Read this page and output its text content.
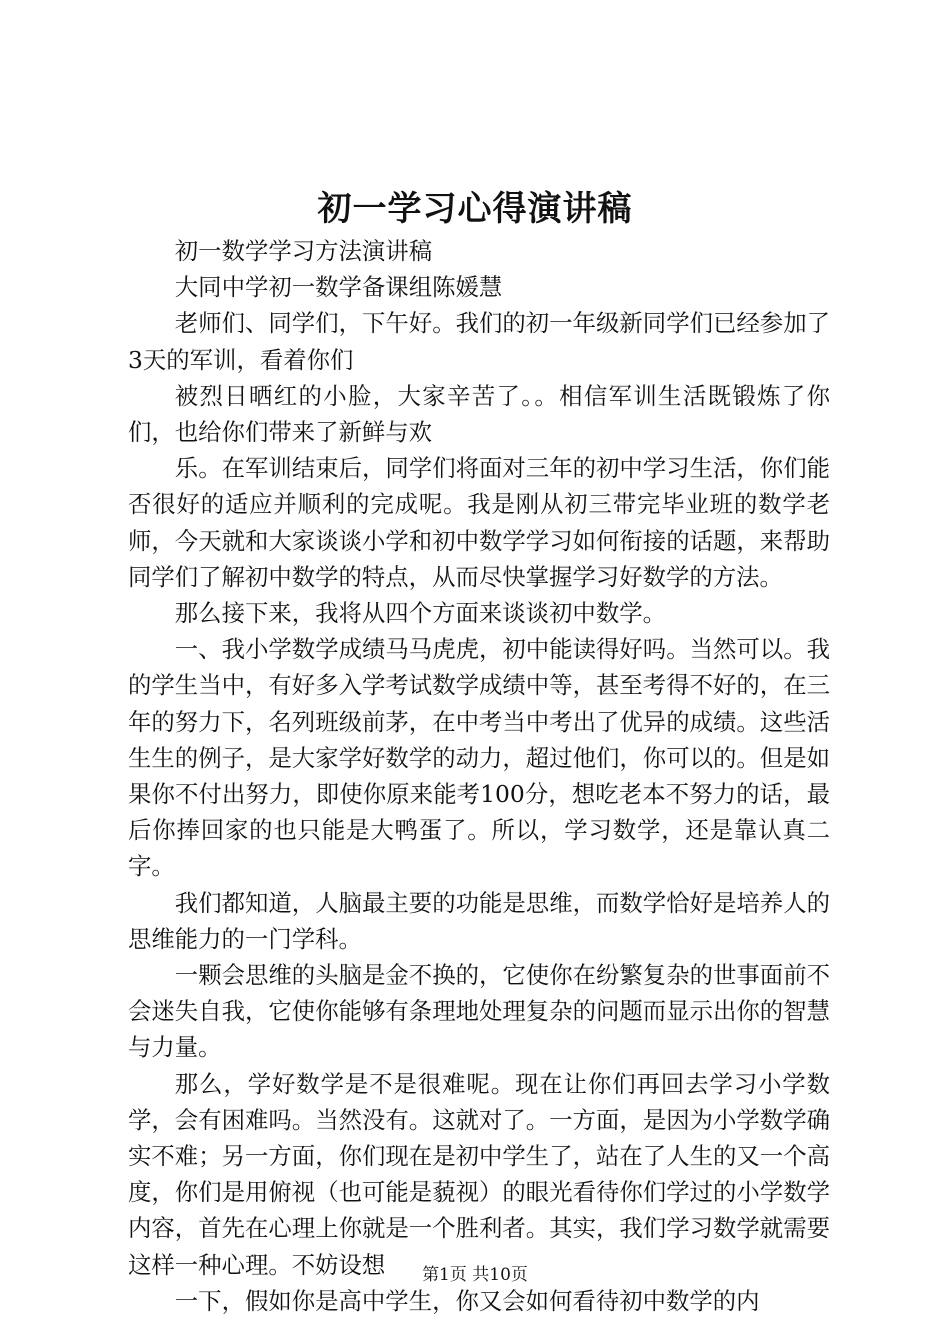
初一学习心得演讲稿

初一数学学习方法演讲稿

大同中学初一数学备课组陈媛慧

老师们、同学们，下午好。我们的初一年级新同学们已经参加了3天的军训，看着你们

被烈日晒红的小脸，大家辛苦了。。相信军训生活既锻炼了你们，也给你们带来了新鲜与欢

乐。在军训结束后，同学们将面对三年的初中学习生活，你们能否很好的适应并顺利的完成呢。我是刚从初三带完毕业班的数学老师，今天就和大家谈谈小学和初中数学学习如何衔接的话题，来帮助同学们了解初中数学的特点，从而尽快掌握学习好数学的方法。

那么接下来，我将从四个方面来谈谈初中数学。

一、我小学数学成绩马马虎虎，初中能读得好吗。当然可以。我的学生当中，有好多入学考试数学成绩中等，甚至考得不好的，在三年的努力下，名列班级前茅，在中考当中考出了优异的成绩。这些活生生的例子，是大家学好数学的动力，超过他们，你可以的。但是如果你不付出努力，即使你原来能考100分，想吃老本不努力的话，最后你捧回家的也只能是大鸭蛋了。所以，学习数学，还是靠认真二字。

我们都知道，人脑最主要的功能是思维，而数学恰好是培养人的思维能力的一门学科。

一颗会思维的头脑是金不换的，它使你在纷繁复杂的世事面前不会迷失自我，它使你能够有条理地处理复杂的问题而显示出你的智慧与力量。

那么，学好数学是不是很难呢。现在让你们再回去学习小学数学，会有困难吗。当然没有。这就对了。一方面，是因为小学数学确实不难；另一方面，你们现在是初中学生了，站在了人生的又一个高度，你们是用俯视（也可能是藐视）的眼光看待你们学过的小学数学内容，首先在心理上你就是一个胜利者。其实，我们学习数学就需要这样一种心理。不妨设想

一下，假如你是高中学生，你又会如何看待初中数学的内

第1页 共10页
